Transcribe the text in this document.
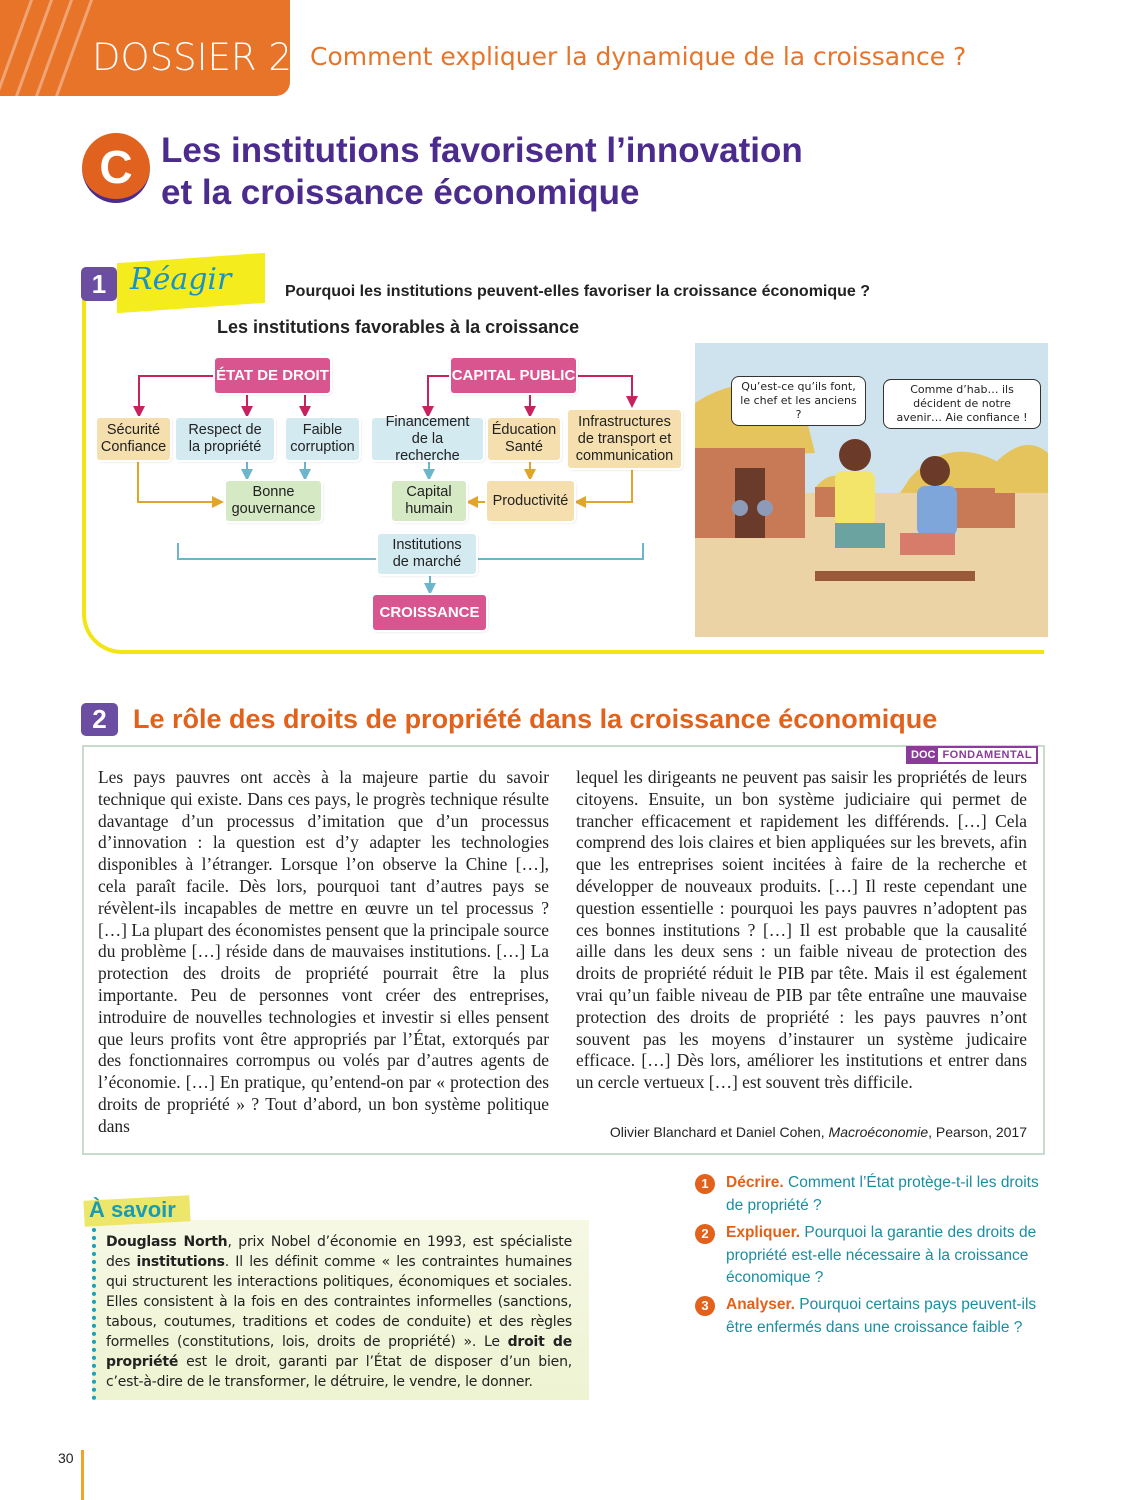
DOSSIER 2 Comment expliquer la dynamique de la croissance ?
C Les institutions favorisent l’innovation
et la croissance économique
1 Réagir	Pourquoi les institutions peuvent-elles favoriser la croissance économique ?
Les institutions favorables à la croissance
ÉTAT DE DROIT	CAPITAL PUBLIC
Sécurité Confiance
Respect de la propriété
Faible corruption
Financement de la recherche
Éducation Santé
Infrastructures de transport et communication
Bonne gouvernance
Capital humain
Productivité
Institutions de marché
CROISSANCE
Qu’est-ce qu’ils font, le chef et les anciens ?
Comme d’hab… ils décident de notre avenir… Aie confiance !
2 Le rôle des droits de propriété dans la croissance économique
DOC FONDAMENTAL
Les pays pauvres ont accès à la majeure partie du savoir technique qui existe. Dans ces pays, le progrès technique résulte davantage d’un processus d’imitation que d’un processus d’innovation : la question est d’y adapter les technologies disponibles à l’étranger. Lorsque l’on observe la Chine […], cela paraît facile. Dès lors, pourquoi tant d’autres pays se révèlent-ils incapables de mettre en œuvre un tel processus ? […] La plupart des économistes pensent que la principale source du problème […] réside dans de mauvaises institutions. […] La protection des droits de propriété pourrait être la plus importante. Peu de personnes vont créer des entreprises, introduire de nouvelles technologies et investir si elles pensent que leurs profits vont être appropriés par l’État, extorqués par des fonctionnaires corrompus ou volés par d’autres agents de l’économie. […] En pratique, qu’entend-on par « protection des droits de propriété » ? Tout d’abord, un bon système politique dans
lequel les dirigeants ne peuvent pas saisir les propriétés de leurs citoyens. Ensuite, un bon système judiciaire qui permet de trancher efficacement et rapidement les différends. […] Cela comprend des lois claires et bien appliquées sur les brevets, afin que les entreprises soient incitées à faire de la recherche et développer de nouveaux produits. […] Il reste cependant une question essentielle : pourquoi les pays pauvres n’adoptent pas ces bonnes institutions ? […] Il est probable que la causalité aille dans les deux sens : un faible niveau de protection des droits de propriété réduit le PIB par tête. Mais il est également vrai qu’un faible niveau de PIB par tête entraîne une mauvaise protection des droits de propriété : les pays pauvres n’ont souvent pas les moyens d’instaurer un système judicaire efficace. […] Dès lors, améliorer les institutions et entrer dans un cercle vertueux […] est souvent très difficile.
Olivier Blanchard et Daniel Cohen, Macroéconomie, Pearson, 2017
À savoir
Douglass North, prix Nobel d’économie en 1993, est spécialiste des institutions. Il les définit comme « les contraintes humaines qui structurent les interactions politiques, économiques et sociales. Elles consistent à la fois en des contraintes informelles (sanctions, tabous, coutumes, traditions et codes de conduite) et des règles formelles (constitutions, lois, droits de propriété) ». Le droit de propriété est le droit, garanti par l’État de disposer d’un bien, c’est-à-dire de le transformer, le détruire, le vendre, le donner.
1	Décrire. Comment l’État protège-t-il les droits de propriété ?
2	Expliquer. Pourquoi la garantie des droits de propriété est-elle nécessaire à la croissance économique ?
3	Analyser. Pourquoi certains pays peuvent-ils être enfermés dans une croissance faible ?
30
